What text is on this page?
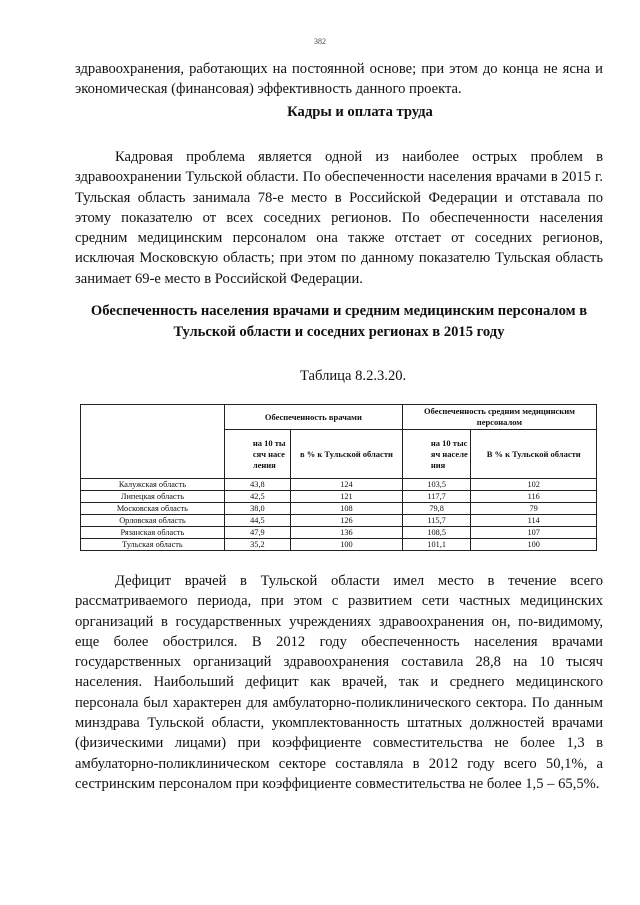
382

здравоохранения, работающих на постоянной основе; при этом до конца не ясна и экономическая (финансовая) эффективность данного проекта.

Кадры и оплата труда

Кадровая проблема является одной из наиболее острых проблем в здравоохранении Тульской области. По обеспеченности населения врачами в 2015 г. Тульская область занимала 78-е место в Российской Федерации и отставала по этому показателю от всех соседних регионов. По обеспеченности населения средним медицинским персоналом она также отстает от соседних регионов, исключая Московскую область; при этом по данному показателю Тульская область занимает 69-е место в Российской Федерации.

Обеспеченность населения врачами и средним медицинским персоналом в Тульской области и соседних регионах в 2015 году

Таблица 8.2.3.20.

	Обеспеченность врачами		Обеспеченность средним медицинским персоналом	
	на 10 тысяч населения	в % к Тульской области	на 10 тысяч населения	В % к Тульской области
Калужская область	43,8	124	103,5	102
Липецкая область	42,5	121	117,7	116
Московская область	38,0	108	79,8	79
Орловская область	44,5	126	115,7	114
Рязанская область	47,9	136	108,5	107
Тульская область	35,2	100	101,1	100

Дефицит врачей в Тульской области имел место в течение всего рассматриваемого периода, при этом с развитием сети частных медицинских организаций в государственных учреждениях здравоохранения он, по-видимому, еще более обострился. В 2012 году обеспеченность населения врачами государственных организаций здравоохранения составила 28,8 на 10 тысяч населения. Наибольший дефицит как врачей, так и среднего медицинского персонала был характерен для амбулаторно-поликлинического сектора. По данным минздрава Тульской области, укомплектованность штатных должностей врачами (физическими лицами) при коэффициенте совместительства не более 1,3 в амбулаторно-поликлиническом секторе составляла в 2012 году всего 50,1%, а сестринским персоналом при коэффициенте совместительства не более 1,5 – 65,5%.
